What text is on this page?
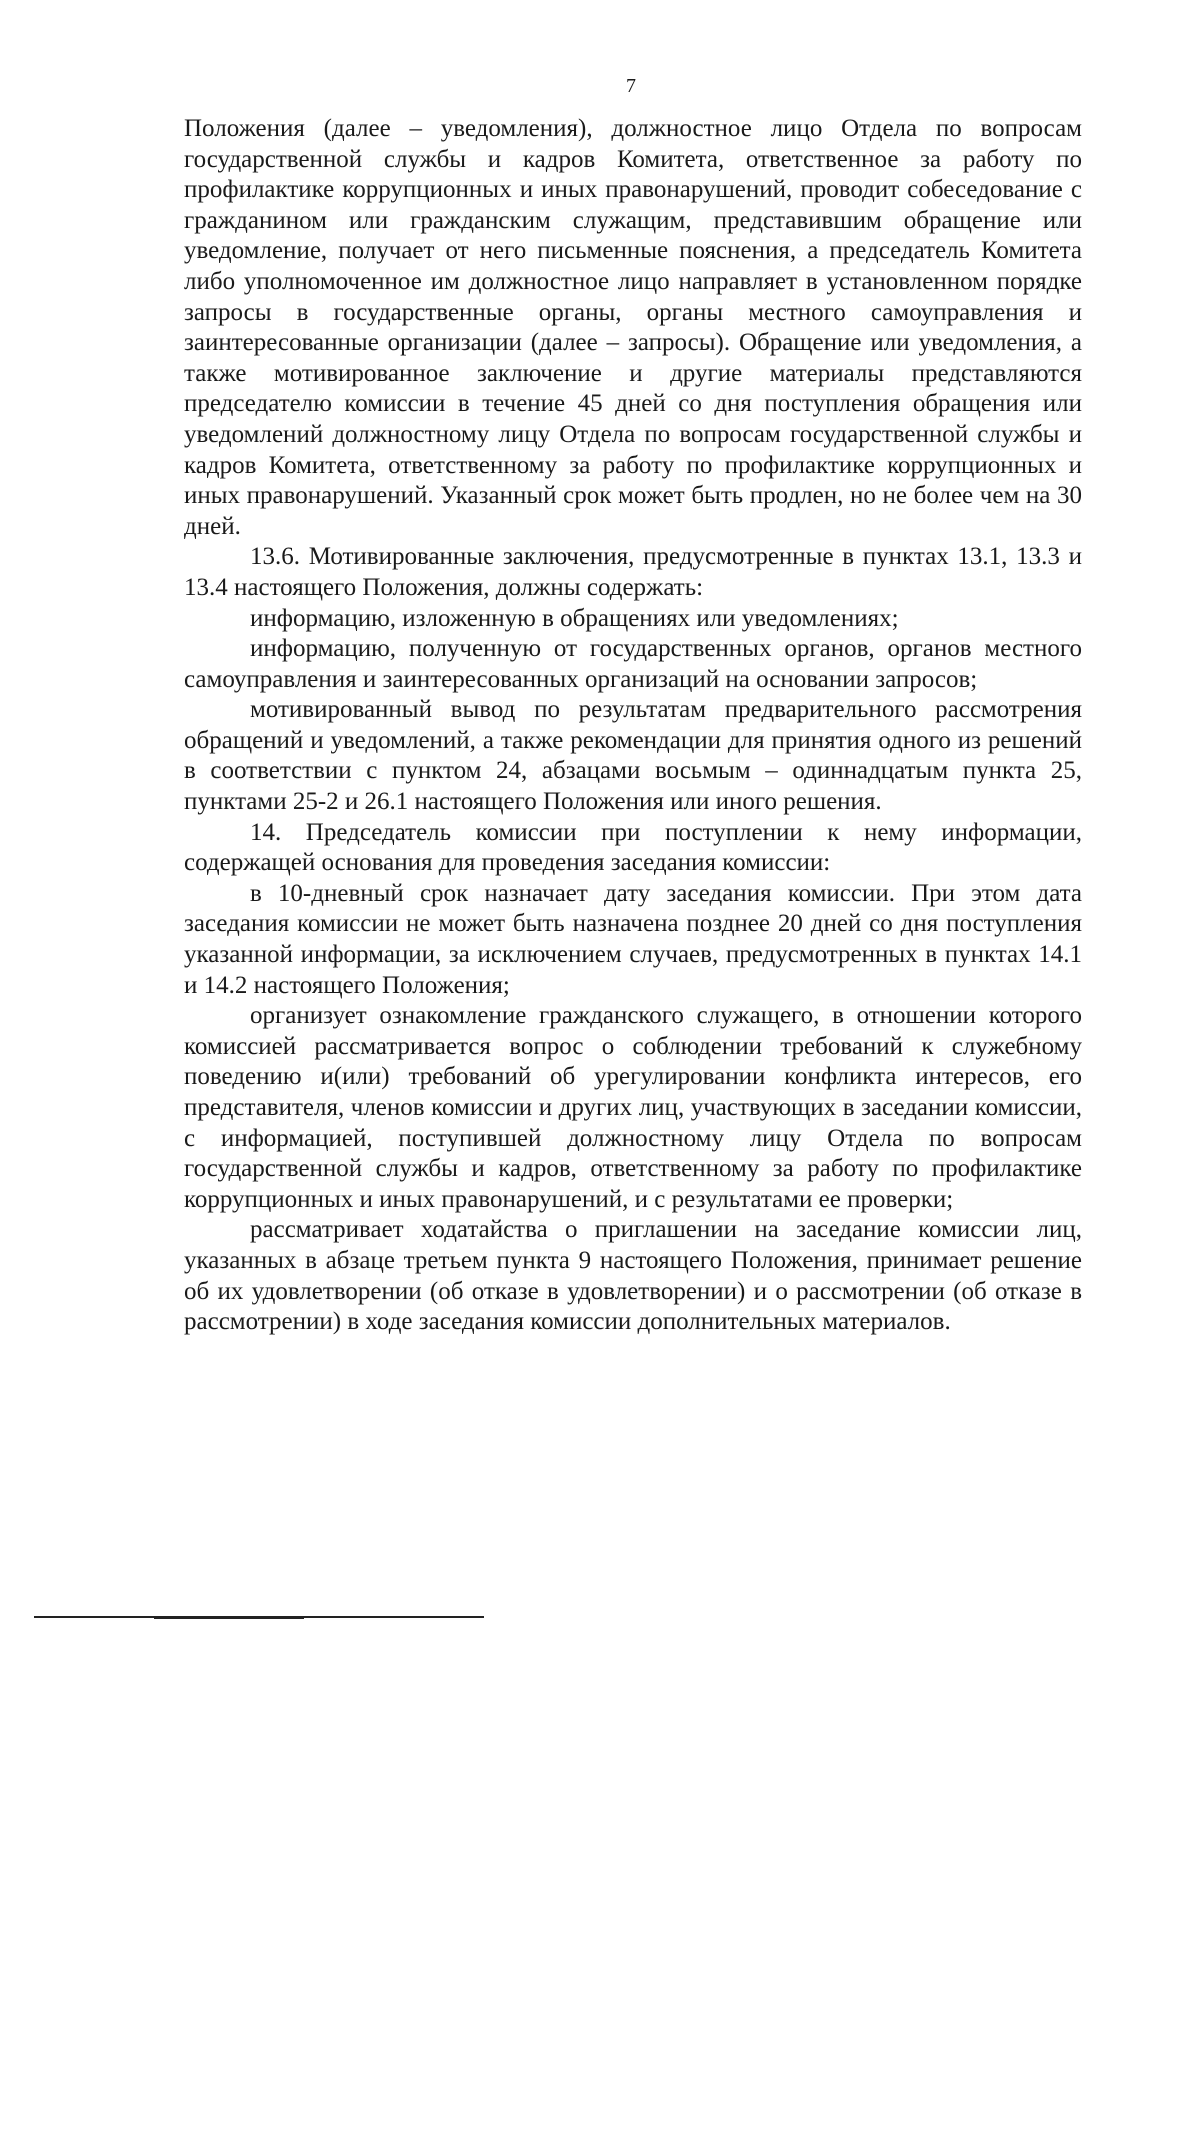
7

Положения (далее – уведомления), должностное лицо Отдела по вопросам государственной службы и кадров Комитета, ответственное за работу по профилактике коррупционных и иных правонарушений, проводит собеседование с гражданином или гражданским служащим, представившим обращение или уведомление, получает от него письменные пояснения, а председатель Комитета либо уполномоченное им должностное лицо направляет в установленном порядке запросы в государственные органы, органы местного самоуправления и заинтересованные организации (далее – запросы). Обращение или уведомления, а также мотивированное заключение и другие материалы представляются председателю комиссии в течение 45 дней со дня поступления обращения или уведомлений должностному лицу Отдела по вопросам государственной службы и кадров Комитета, ответственному за работу по профилактике коррупционных и иных правонарушений. Указанный срок может быть продлен, но не более чем на 30 дней.

13.6. Мотивированные заключения, предусмотренные в пунктах 13.1, 13.3 и 13.4 настоящего Положения, должны содержать:

информацию, изложенную в обращениях или уведомлениях;

информацию, полученную от государственных органов, органов местного самоуправления и заинтересованных организаций на основании запросов;

мотивированный вывод по результатам предварительного рассмотрения обращений и уведомлений, а также рекомендации для принятия одного из решений в соответствии с пунктом 24, абзацами восьмым – одиннадцатым пункта 25, пунктами 25-2 и 26.1 настоящего Положения или иного решения.

14. Председатель комиссии при поступлении к нему информации, содержащей основания для проведения заседания комиссии:

в 10-дневный срок назначает дату заседания комиссии. При этом дата заседания комиссии не может быть назначена позднее 20 дней со дня поступления указанной информации, за исключением случаев, предусмотренных в пунктах 14.1 и 14.2 настоящего Положения;

организует ознакомление гражданского служащего, в отношении которого комиссией рассматривается вопрос о соблюдении требований к служебному поведению и(или) требований об урегулировании конфликта интересов, его представителя, членов комиссии и других лиц, участвующих в заседании комиссии, с информацией, поступившей должностному лицу Отдела по вопросам государственной службы и кадров, ответственному за работу по профилактике коррупционных и иных правонарушений, и с результатами ее проверки;

рассматривает ходатайства о приглашении на заседание комиссии лиц, указанных в абзаце третьем пункта 9 настоящего Положения, принимает решение об их удовлетворении (об отказе в удовлетворении) и о рассмотрении (об отказе в рассмотрении) в ходе заседания комиссии дополнительных материалов.
